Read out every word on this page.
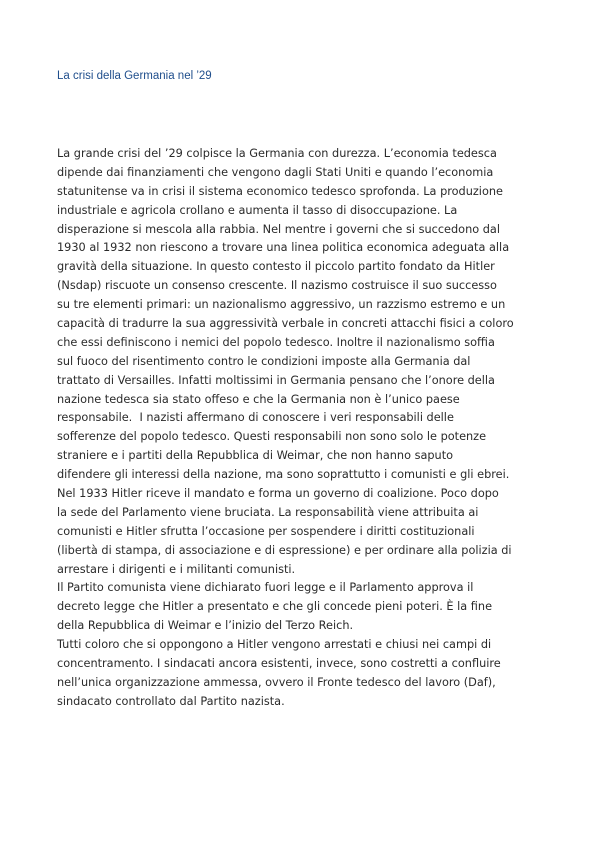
La crisi della Germania nel ’29
La grande crisi del ’29 colpisce la Germania con durezza. L’economia tedesca
dipende dai finanziamenti che vengono dagli Stati Uniti e quando l’economia
statunitense va in crisi il sistema economico tedesco sprofonda. La produzione
industriale e agricola crollano e aumenta il tasso di disoccupazione. La
disperazione si mescola alla rabbia. Nel mentre i governi che si succedono dal
1930 al 1932 non riescono a trovare una linea politica economica adeguata alla
gravità della situazione. In questo contesto il piccolo partito fondato da Hitler
(Nsdap) riscuote un consenso crescente. Il nazismo costruisce il suo successo
su tre elementi primari: un nazionalismo aggressivo, un razzismo estremo e un
capacità di tradurre la sua aggressività verbale in concreti attacchi fisici a coloro
che essi definiscono i nemici del popolo tedesco. Inoltre il nazionalismo soffia
sul fuoco del risentimento contro le condizioni imposte alla Germania dal
trattato di Versailles. Infatti moltissimi in Germania pensano che l’onore della
nazione tedesca sia stato offeso e che la Germania non è l’unico paese
responsabile.  I nazisti affermano di conoscere i veri responsabili delle
sofferenze del popolo tedesco. Questi responsabili non sono solo le potenze
straniere e i partiti della Repubblica di Weimar, che non hanno saputo
difendere gli interessi della nazione, ma sono soprattutto i comunisti e gli ebrei.
Nel 1933 Hitler riceve il mandato e forma un governo di coalizione. Poco dopo
la sede del Parlamento viene bruciata. La responsabilità viene attribuita ai
comunisti e Hitler sfrutta l’occasione per sospendere i diritti costituzionali
(libertà di stampa, di associazione e di espressione) e per ordinare alla polizia di
arrestare i dirigenti e i militanti comunisti.
Il Partito comunista viene dichiarato fuori legge e il Parlamento approva il
decreto legge che Hitler a presentato e che gli concede pieni poteri. È la fine
della Repubblica di Weimar e l’inizio del Terzo Reich.
Tutti coloro che si oppongono a Hitler vengono arrestati e chiusi nei campi di
concentramento. I sindacati ancora esistenti, invece, sono costretti a confluire
nell’unica organizzazione ammessa, ovvero il Fronte tedesco del lavoro (Daf),
sindacato controllato dal Partito nazista.
